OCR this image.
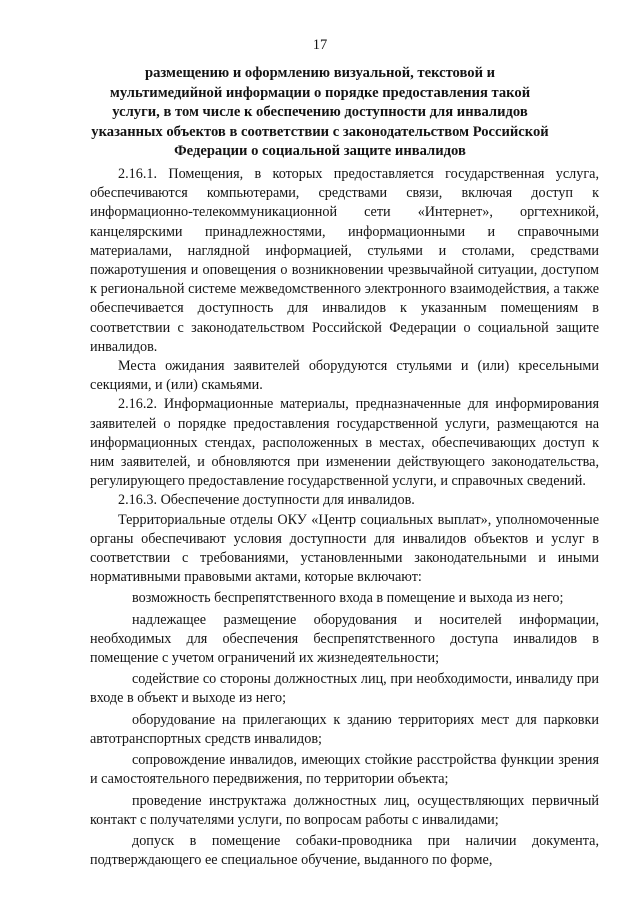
17
размещению и оформлению визуальной, текстовой и мультимедийной информации о порядке предоставления такой услуги, в том числе к обеспечению доступности для инвалидов указанных объектов в соответствии с законодательством Российской Федерации о социальной защите инвалидов

2.16.1. Помещения, в которых предоставляется государственная услуга, обеспечиваются компьютерами, средствами связи, включая доступ к информационно-телекоммуникационной сети «Интернет», оргтехникой, канцелярскими принадлежностями, информационными и справочными материалами, наглядной информацией, стульями и столами, средствами пожаротушения и оповещения о возникновении чрезвычайной ситуации, доступом к региональной системе межведомственного электронного взаимодействия, а также обеспечивается доступность для инвалидов к указанным помещениям в соответствии с законодательством Российской Федерации о социальной защите инвалидов.

Места ожидания заявителей оборудуются стульями и (или) кресельными секциями, и (или) скамьями.

2.16.2. Информационные материалы, предназначенные для информирования заявителей о порядке предоставления государственной услуги, размещаются на информационных стендах, расположенных в местах, обеспечивающих доступ к ним заявителей, и обновляются при изменении действующего законодательства, регулирующего предоставление государственной услуги, и справочных сведений.

2.16.3. Обеспечение доступности для инвалидов.

Территориальные отделы ОКУ «Центр социальных выплат», уполномоченные органы обеспечивают условия доступности для инвалидов объектов и услуг в соответствии с требованиями, установленными законодательными и иными нормативными правовыми актами, которые включают:

возможность беспрепятственного входа в помещение и выхода из него;

надлежащее размещение оборудования и носителей информации, необходимых для обеспечения беспрепятственного доступа инвалидов в помещение с учетом ограничений их жизнедеятельности;

содействие со стороны должностных лиц, при необходимости, инвалиду при входе в объект и выходе из него;

оборудование на прилегающих к зданию территориях мест для парковки автотранспортных средств инвалидов;

сопровождение инвалидов, имеющих стойкие расстройства функции зрения и самостоятельного передвижения, по территории объекта;

проведение инструктажа должностных лиц, осуществляющих первичный контакт с получателями услуги, по вопросам работы с инвалидами;

допуск в помещение собаки-проводника при наличии документа, подтверждающего ее специальное обучение, выданного по форме,
